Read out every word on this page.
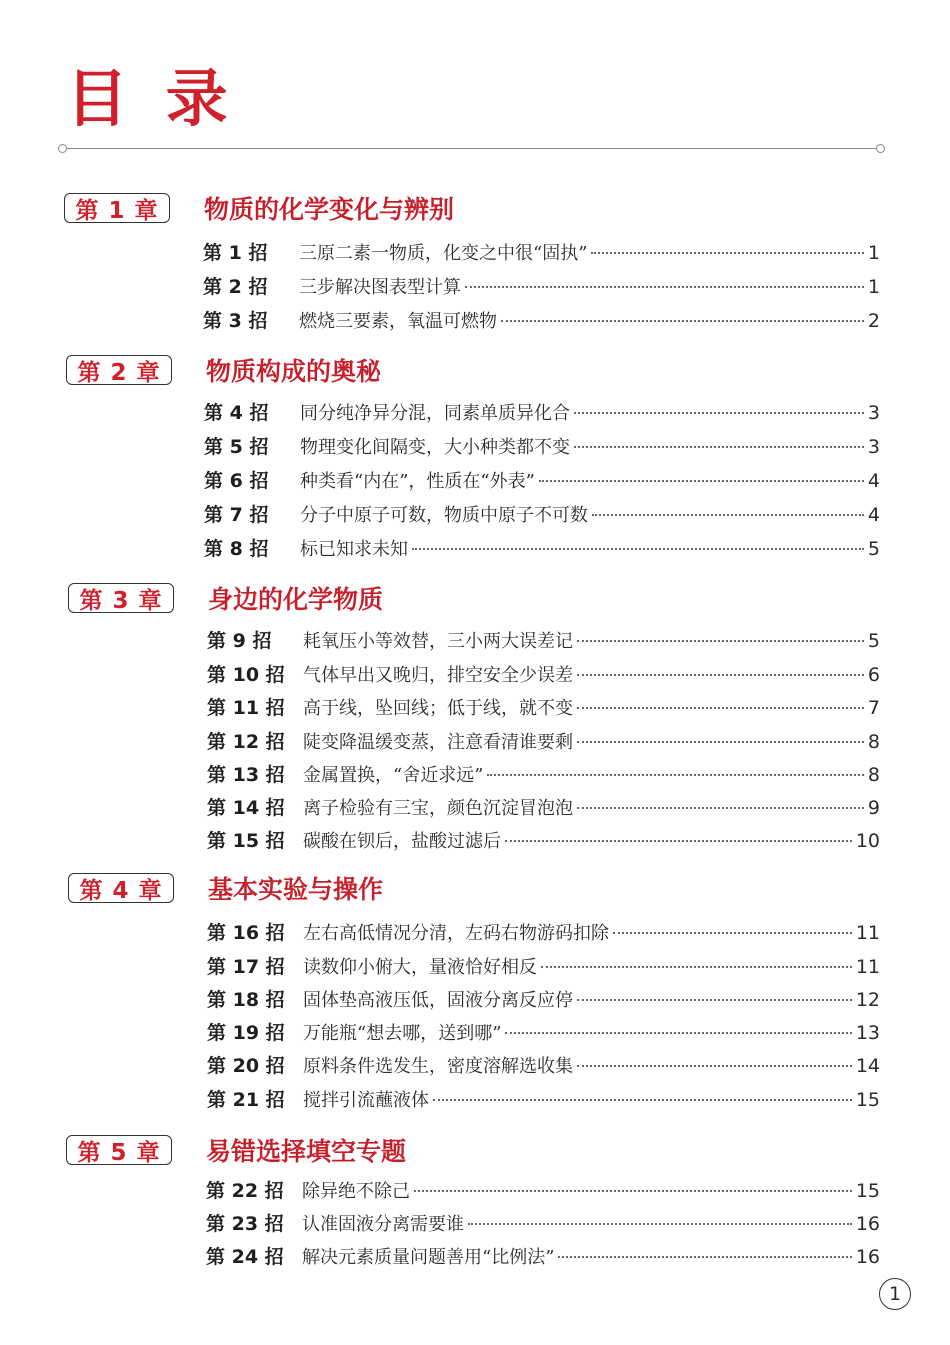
目 录
第 1 章	物质的化学变化与辨别
第 1 招	三原二素一物质，化变之中很“固执”	1
第 2 招	三步解决图表型计算	1
第 3 招	燃烧三要素，氧温可燃物	2
第 2 章	物质构成的奥秘
第 4 招	同分纯净异分混，同素单质异化合	3
第 5 招	物理变化间隔变，大小种类都不变	3
第 6 招	种类看“内在”，性质在“外表”	4
第 7 招	分子中原子可数，物质中原子不可数	4
第 8 招	标已知求未知	5
第 3 章	身边的化学物质
第 9 招	耗氧压小等效替，三小两大误差记	5
第 10 招	气体早出又晚归，排空安全少误差	6
第 11 招	高于线，坠回线；低于线，就不变	7
第 12 招	陡变降温缓变蒸，注意看清谁要剩	8
第 13 招	金属置换，“舍近求远”	8
第 14 招	离子检验有三宝，颜色沉淀冒泡泡	9
第 15 招	碳酸在钡后，盐酸过滤后	10
第 4 章	基本实验与操作
第 16 招	左右高低情况分清，左码右物游码扣除	11
第 17 招	读数仰小俯大，量液恰好相反	11
第 18 招	固体垫高液压低，固液分离反应停	12
第 19 招	万能瓶“想去哪，送到哪”	13
第 20 招	原料条件选发生，密度溶解选收集	14
第 21 招	搅拌引流蘸液体	15
第 5 章	易错选择填空专题
第 22 招	除异绝不除己	15
第 23 招	认准固液分离需要谁	16
第 24 招	解决元素质量问题善用“比例法”	16
1
